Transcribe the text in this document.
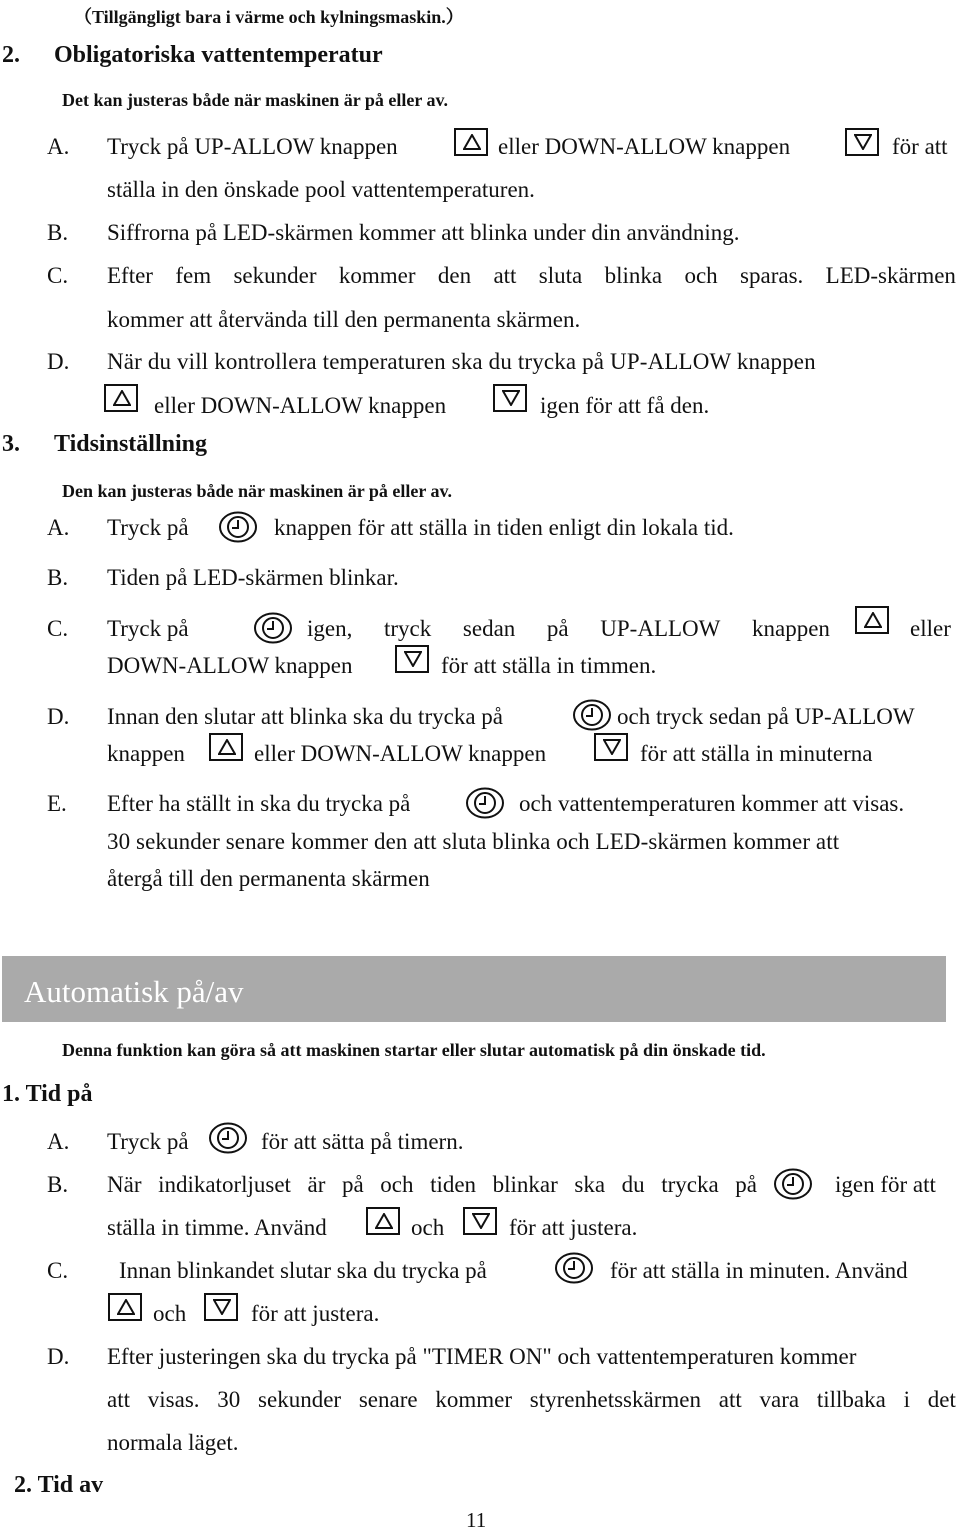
（Tillgängligt bara i värme och kylningsmaskin.）
2. Obligatoriska vattentemperatur
Det kan justeras både när maskinen är på eller av.
A. Tryck på UP-ALLOW knappen	eller DOWN-ALLOW knappen	för att
ställa in den önskade pool vattentemperaturen.
B. Siffrorna på LED-skärmen kommer att blinka under din användning.
C. Efter fem sekunder kommer den att sluta blinka och sparas. LED-skärmen
kommer att återvända till den permanenta skärmen.
D. När du vill kontrollera temperaturen ska du trycka på UP-ALLOW knappen
eller DOWN-ALLOW knappen	igen för att få den.
3. Tidsinställning
Den kan justeras både när maskinen är på eller av.
A. Tryck på	knappen för att ställa in tiden enligt din lokala tid.
B. Tiden på LED-skärmen blinkar.
C. Tryck på	igen, tryck sedan på UP-ALLOW knappen	eller
DOWN-ALLOW knappen	för att ställa in timmen.
D. Innan den slutar att blinka ska du trycka på	och tryck sedan på UP-ALLOW
knappen	eller DOWN-ALLOW knappen	för att ställa in minuterna
E. Efter ha ställt in ska du trycka på	och vattentemperaturen kommer att visas.
30 sekunder senare kommer den att sluta blinka och LED-skärmen kommer att
återgå till den permanenta skärmen
Automatisk på/av
Denna funktion kan göra så att maskinen startar eller slutar automatisk på din önskade tid.
1. Tid på
A. Tryck på	för att sätta på timern.
B. När indikatorljuset är på och tiden blinkar ska du trycka på	igen för att
ställa in timme. Använd	och	för att justera.
C. Innan blinkandet slutar ska du trycka på	för att ställa in minuten. Använd
och	för att justera.
D. Efter justeringen ska du trycka på "TIMER ON" och vattentemperaturen kommer
att visas. 30 sekunder senare kommer styrenhetsskärmen att vara tillbaka i det
normala läget.
2. Tid av
11
